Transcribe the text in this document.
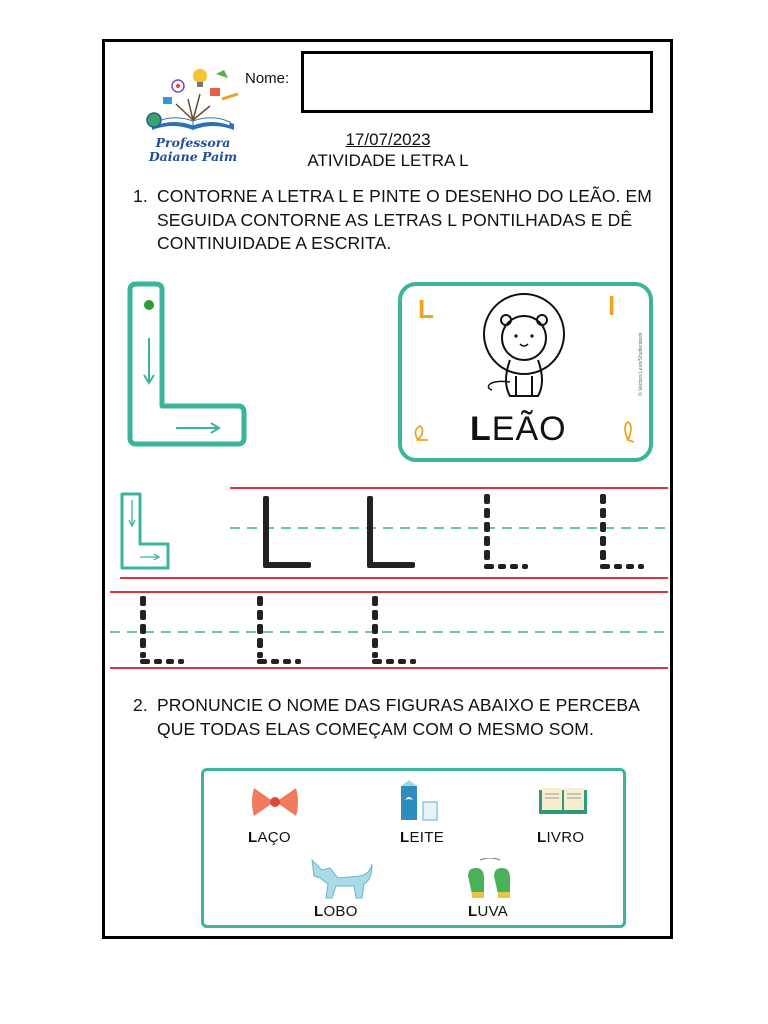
Professora
Daiane Paim
Nome:
17/07/2023
ATIVIDADE LETRA L
1. CONTORNE A LETRA L E PINTE O DESENHO DO LEÃO. EM SEGUIDA CONTORNE AS LETRAS L PONTILHADAS E DÊ CONTINUIDADE A ESCRITA.
© Vectors Leon/Shutterstock
L	l
LEÃO
2. PRONUNCIE O NOME DAS FIGURAS ABAIXO E PERCEBA QUE TODAS ELAS COMEÇAM COM O MESMO SOM.
LAÇO	LEITE	LIVRO
LOBO	LUVA
